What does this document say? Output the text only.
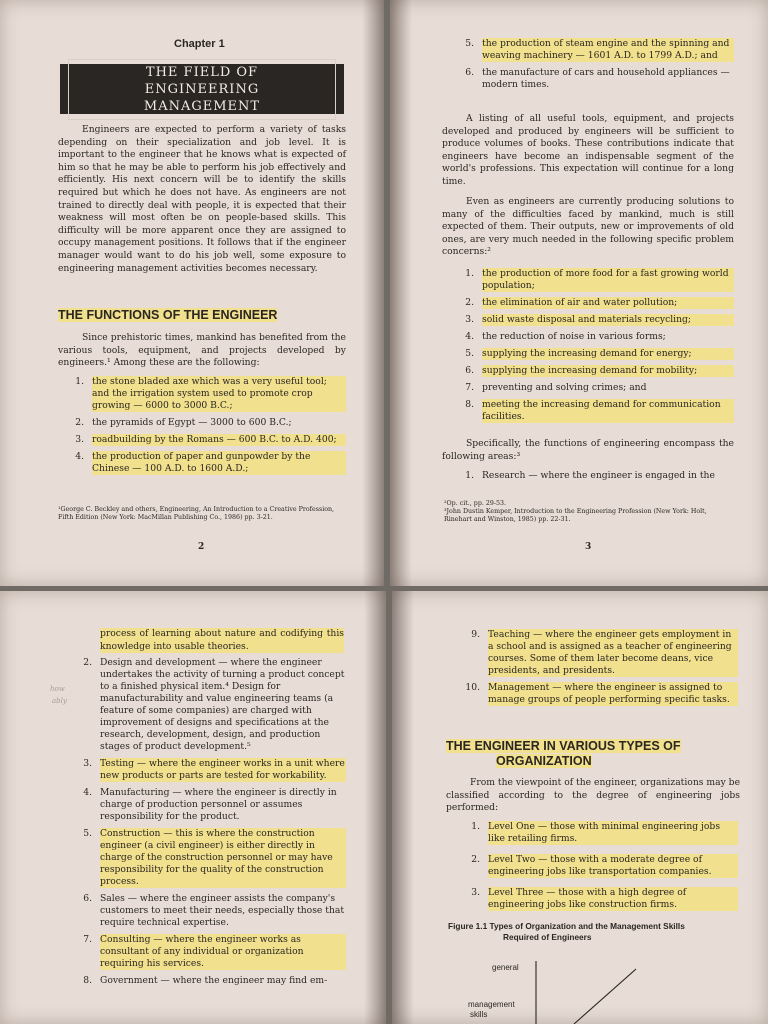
Chapter 1
THE FIELD OF ENGINEERING
MANAGEMENT

Engineers are expected to perform a variety of tasks depending on their specialization and job level. It is important to the engineer that he knows what is expected of him so that he may be able to perform his job effectively and efficiently. His next concern will be to identify the skills required but which he does not have. As engineers are not trained to directly deal with people, it is expected that their weakness will most often be on people-based skills. This difficulty will be more apparent once they are assigned to occupy management positions. It follows that if the engineer manager would want to do his job well, some exposure to engineering management activities becomes necessary.

THE FUNCTIONS OF THE ENGINEER

Since prehistoric times, mankind has benefited from the various tools, equipment, and projects developed by engineers.¹ Among these are the following:

1. the stone bladed axe which was a very useful tool; and the irrigation system used to promote crop growing — 6000 to 3000 B.C.;
2. the pyramids of Egypt — 3000 to 600 B.C.;
3. roadbuilding by the Romans — 600 B.C. to A.D. 400;
4. the production of paper and gunpowder by the Chinese — 100 A.D. to 1600 A.D.;
¹George C. Beckley and others, Engineering, An Introduction to a Creative Profession, Fifth Edition (New York: MacMillan Publishing Co., 1986) pp. 3-21.
2
5. the production of steam engine and the spinning and weaving machinery — 1601 A.D. to 1799 A.D.; and
6. the manufacture of cars and household appliances — modern times.

A listing of all useful tools, equipment, and projects developed and produced by engineers will be sufficient to produce volumes of books. These contributions indicate that engineers have become an indispensable segment of the world's professions. This expectation will continue for a long time.

Even as engineers are currently producing solutions to many of the difficulties faced by mankind, much is still expected of them. Their outputs, new or improvements of old ones, are very much needed in the following specific problem concerns:²

1. the production of more food for a fast growing world population;
2. the elimination of air and water pollution;
3. solid waste disposal and materials recycling;
4. the reduction of noise in various forms;
5. supplying the increasing demand for energy;
6. supplying the increasing demand for mobility;
7. preventing and solving crimes; and
8. meeting the increasing demand for communication facilities.

Specifically, the functions of engineering encompass the following areas:³

1. Research — where the engineer is engaged in the
²Op. cit., pp. 29-53.
³John Dustin Kemper, Introduction to the Engineering Profession (New York: Holt, Rinehart and Winston, 1985) pp. 22-31.
3
how
ably

process of learning about nature and codifying this knowledge into usable theories.

2. Design and development — where the engineer undertakes the activity of turning a product concept to a finished physical item.⁴ Design for manufacturability and value engineering teams (a feature of some companies) are charged with improvement of designs and specifications at the research, development, design, and production stages of product development.⁵
3. Testing — where the engineer works in a unit where new products or parts are tested for workability.
4. Manufacturing — where the engineer is directly in charge of production personnel or assumes responsibility for the product.
5. Construction — this is where the construction engineer (a civil engineer) is either directly in charge of the construction personnel or may have responsibility for the quality of the construction process.
6. Sales — where the engineer assists the company's customers to meet their needs, especially those that require technical expertise.
7. Consulting — where the engineer works as consultant of any individual or organization requiring his services.
8. Government — where the engineer may find em-
9. Teaching — where the engineer gets employment in a school and is assigned as a teacher of engineering courses. Some of them later become deans, vice presidents, and presidents.
10. Management — where the engineer is assigned to manage groups of people performing specific tasks.
THE ENGINEER IN VARIOUS TYPES OF
ORGANIZATION

From the viewpoint of the engineer, organizations may be classified according to the degree of engineering jobs performed:

1. Level One — those with minimal engineering jobs like retailing firms.
2. Level Two — those with a moderate degree of engineering jobs like transportation companies.
3. Level Three — those with a high degree of engineering jobs like construction firms.
Figure 1.1 Types of Organization and the Management Skills
Required of Engineers
general
management
skills
